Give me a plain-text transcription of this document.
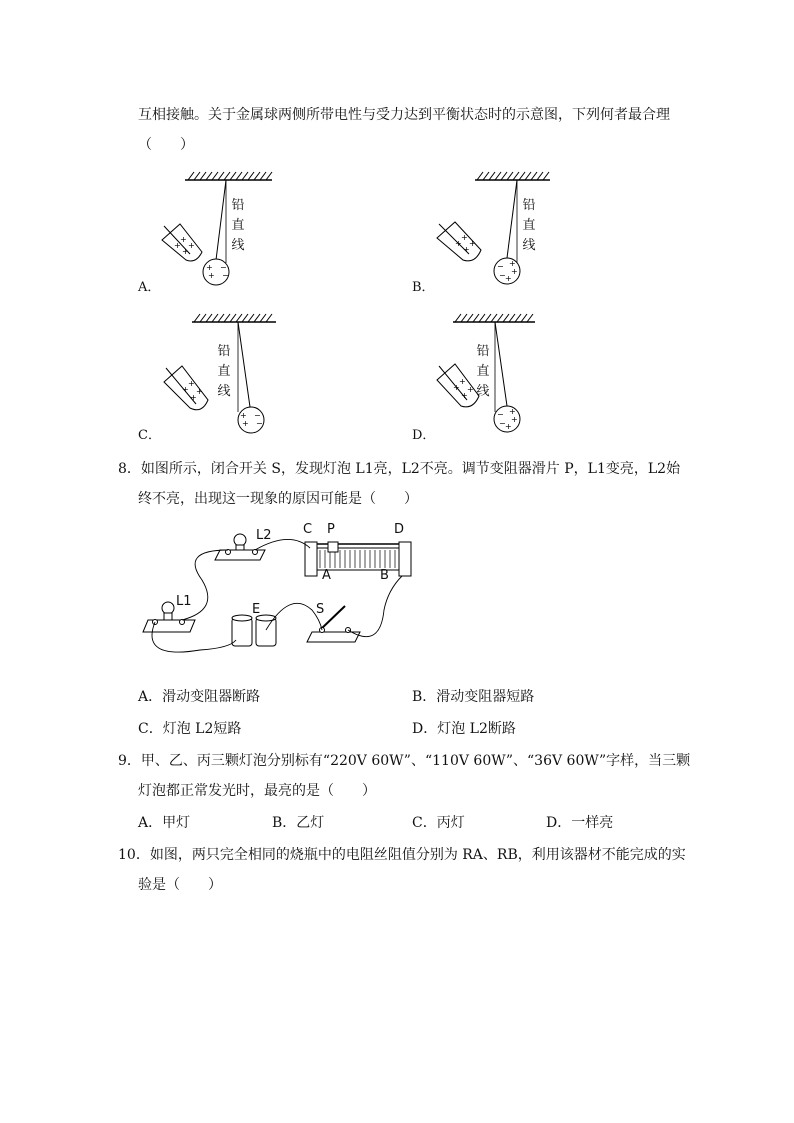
互相接触。关于金属球两侧所带电性与受力达到平衡状态时的示意图，下列何者最合理
（　　）
+
+
−
−
+
+
+
+
铅
直
线
A．
−
−
+
+
+
+
+
+
+
铅
直
线
B．
+
+
−
−
+
+
+
+
铅
直
线
C．
−
−
+
+
+
+
+
+
+
铅
直
线
D．
8．如图所示，闭合开关 S，发现灯泡 L1亮，L2不亮。调节变阻器滑片 P，L1变亮，L2始
终不亮，出现这一现象的原因可能是（　　）
L2 C P	D
A	B
L1
E	S
A．滑动变阻器断路	B．滑动变阻器短路
C．灯泡 L2短路	D．灯泡 L2断路
9．甲、乙、丙三颗灯泡分别标有“220V 60W”、“110V 60W”、“36V 60W”字样，当三颗
灯泡都正常发光时，最亮的是（　　）
A．甲灯	B．乙灯	C．丙灯	D．一样亮
10．如图，两只完全相同的烧瓶中的电阻丝阻值分别为 RA、RB，利用该器材不能完成的实
验是（　　）
